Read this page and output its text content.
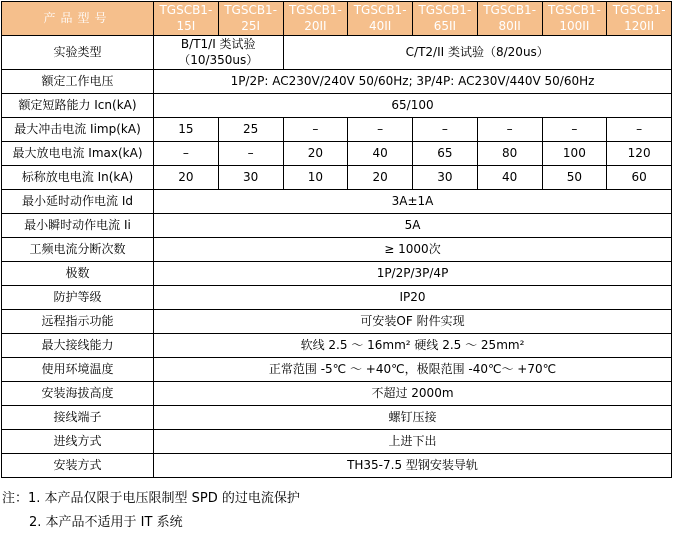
产品型号	TGSCB1-15I	TGSCB1-25I	TGSCB1-20II	TGSCB1-40II	TGSCB1-65II	TGSCB1-80II	TGSCB1-100II	TGSCB1-120II
实验类型	B/T1/I 类试验（10/350us）		C/T2/II 类试验（8/20us）					
额定工作电压	1P/2P: AC230V/240V 50/60Hz; 3P/4P: AC230V/440V 50/60Hz							
额定短路能力 Icn(kA)	65/100							
最大冲击电流 Iimp(kA)	15	25	–	–	–	–	–	–
最大放电电流 Imax(kA)	–	–	20	40	65	80	100	120
标称放电电流 In(kA)	20	30	10	20	30	40	50	60
最小延时动作电流 Id	3A±1A							
最小瞬时动作电流 Ii	5A							
工频电流分断次数	≥ 1000次							
极数	1P/2P/3P/4P							
防护等级	IP20							
远程指示功能	可安装OF 附件实现							
最大接线能力	软线 2.5 ～ 16mm² 硬线 2.5 ～ 25mm²							
使用环境温度	正常范围 -5℃ ～ +40℃，极限范围 -40℃～ +70℃							
安装海拔高度	不超过 2000m							
接线端子	螺钉压接							
进线方式	上进下出							
安装方式	TH35-7.5 型钢安装导轨							
注：1. 本产品仅限于电压限制型 SPD 的过电流保护
2. 本产品不适用于 IT 系统
